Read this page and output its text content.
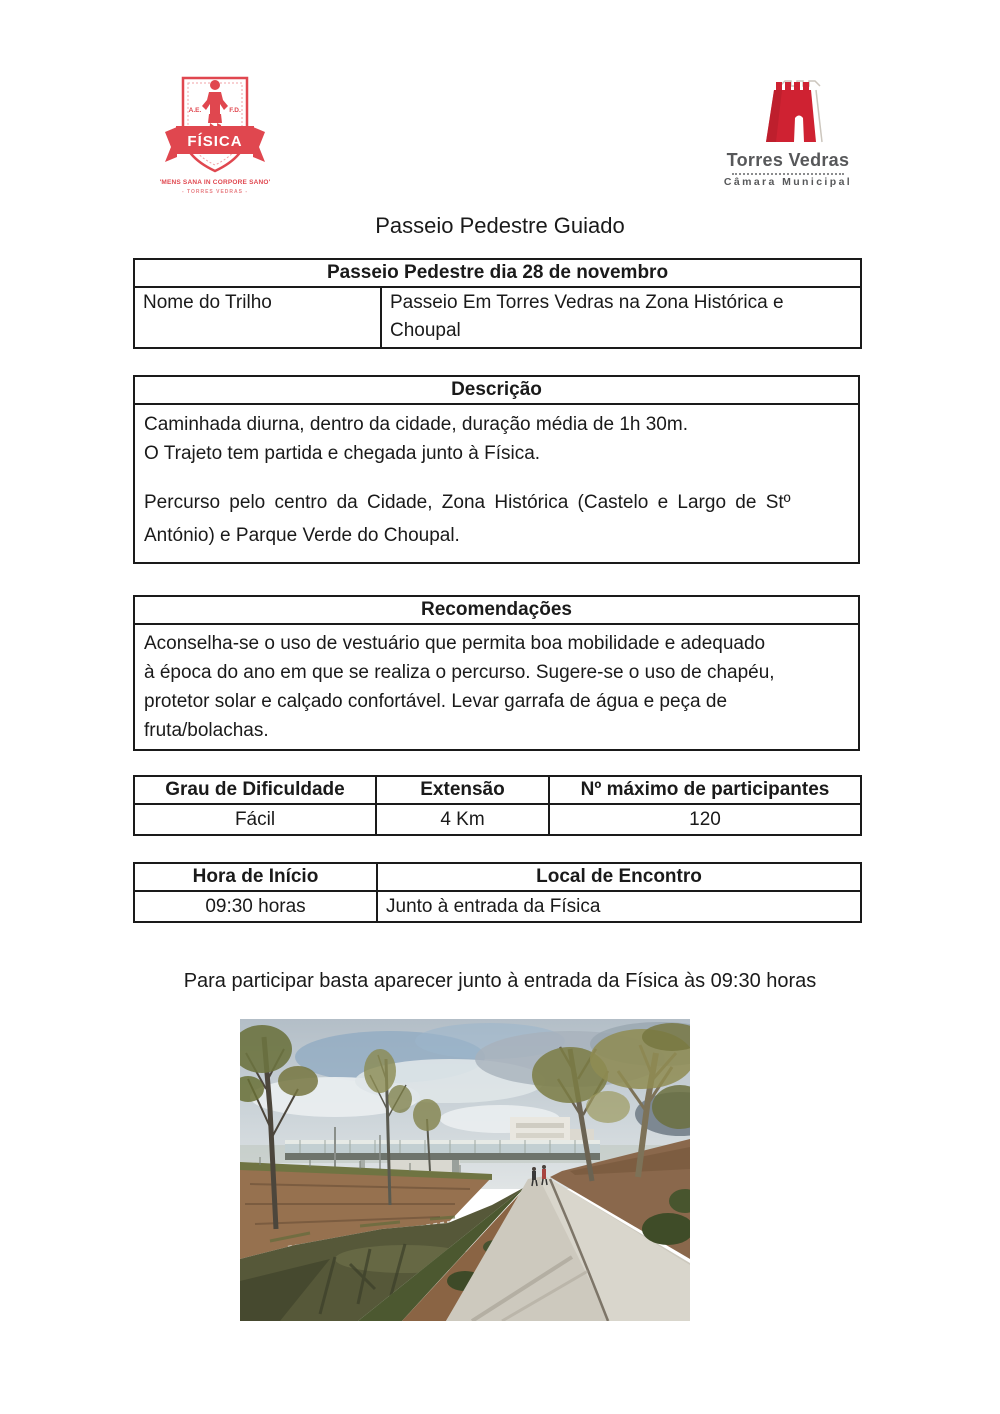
A.E.	F.D.
FÍSICA
'MENS SANA IN CORPORE SANO'
- TORRES VEDRAS -
Torres Vedras
Câmara Municipal
Passeio Pedestre Guiado
Passeio Pedestre dia 28 de novembro
Nome do Trilho	Passeio Em Torres Vedras na Zona Histórica e
Choupal
Descrição

Caminhada diurna, dentro da cidade, duração média de 1h 30m.
O Trajeto tem partida e chegada junto à Física.
Percurso pelo centro da Cidade, Zona Histórica (Castelo e Largo de Stº
António) e Parque Verde do Choupal.
Recomendações

Aconselha-se o uso de vestuário que permita boa mobilidade e adequado
à época do ano em que se realiza o percurso. Sugere-se o uso de chapéu,
protetor solar e calçado confortável. Levar garrafa de água e peça de
fruta/bolachas.
Grau de Dificuldade	Extensão	Nº máximo de participantes
Fácil	4 Km	120
Hora de Início	Local de Encontro
09:30 horas	Junto à entrada da Física
Para participar basta aparecer junto à entrada da Física às 09:30 horas
